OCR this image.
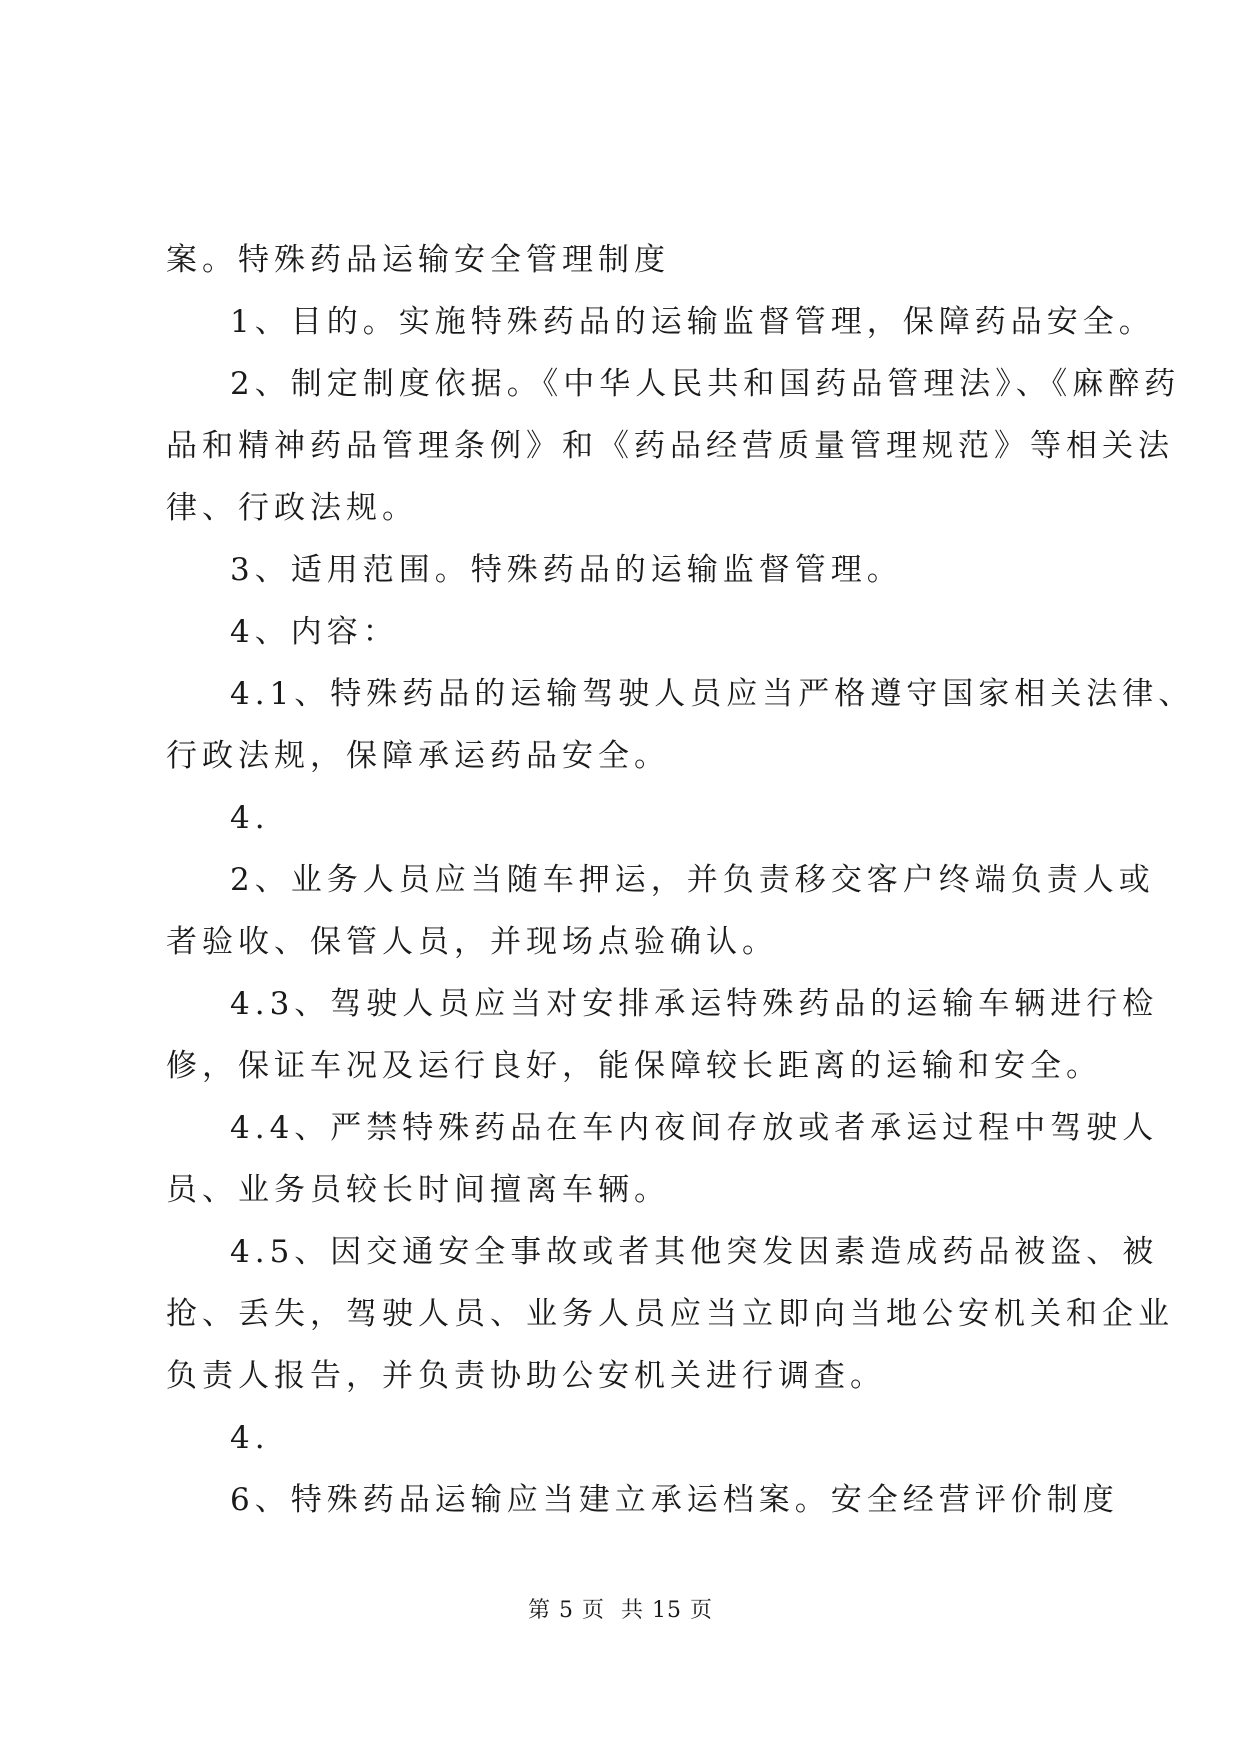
案。特殊药品运输安全管理制度
1、目的。实施特殊药品的运输监督管理，保障药品安全。
2、制定制度依据。《中华人民共和国药品管理法》、《麻醉药
品和精神药品管理条例》和《药品经营质量管理规范》等相关法
律、行政法规。
3、适用范围。特殊药品的运输监督管理。
4、内容：
4.1、特殊药品的运输驾驶人员应当严格遵守国家相关法律、
行政法规，保障承运药品安全。
4.
2、业务人员应当随车押运，并负责移交客户终端负责人或
者验收、保管人员，并现场点验确认。
4.3、驾驶人员应当对安排承运特殊药品的运输车辆进行检
修，保证车况及运行良好，能保障较长距离的运输和安全。
4.4、严禁特殊药品在车内夜间存放或者承运过程中驾驶人
员、业务员较长时间擅离车辆。
4.5、因交通安全事故或者其他突发因素造成药品被盗、被
抢、丢失，驾驶人员、业务人员应当立即向当地公安机关和企业
负责人报告，并负责协助公安机关进行调查。
4.
6、特殊药品运输应当建立承运档案。安全经营评价制度
第 5 页  共 15 页
